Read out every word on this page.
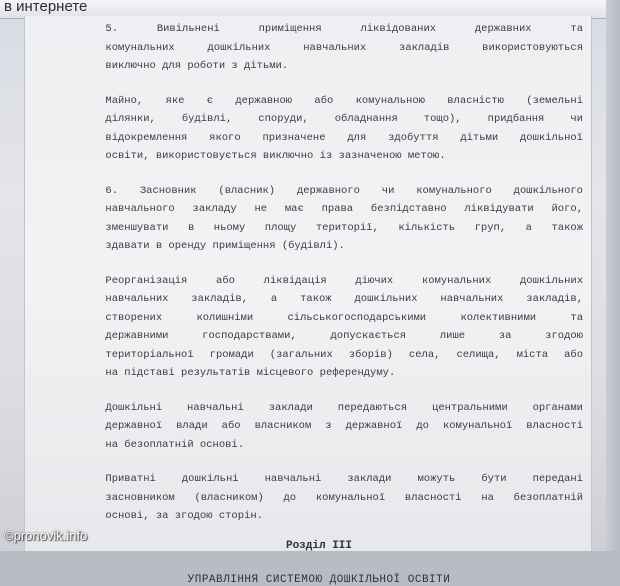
в интернете

5. Вивільнені приміщення ліквідованих державних та
комунальних дошкільних навчальних закладів використовуються
виключно для роботи з дітьми.

Майно, яке є державною або комунальною власністю (земельні
ділянки, будівлі, споруди, обладнання тощо), придбання чи
відокремлення якого призначене для здобуття дітьми дошкільної
освіти, використовується виключно із зазначеною метою.

6. Засновник (власник) державного чи комунального дошкільного
навчального закладу не має права безпідставно ліквідувати його,
зменшувати в ньому площу території, кількість груп, а також
здавати в оренду приміщення (будівлі).

Реорганізація або ліквідація діючих комунальних дошкільних
навчальних закладів, а також дошкільних навчальних закладів,
створених колишніми сільськогосподарськими колективними та
державними господарствами, допускається лише за згодою
територіальної громади (загальних зборів) села, селища, міста або
на підставі результатів місцевого референдуму.

Дошкільні навчальні заклади передаються центральними органами
державної влади або власником з державної до комунальної власності
на безоплатній основі.

Приватні дошкільні навчальні заклади можуть бути передані
засновником (власником) до комунальної власності на безоплатній
основі, за згодою сторін.

Розділ III
УПРАВЛІННЯ СИСТЕМОЮ ДОШКІЛЬНОЇ ОСВІТИ
©pronovik.info
